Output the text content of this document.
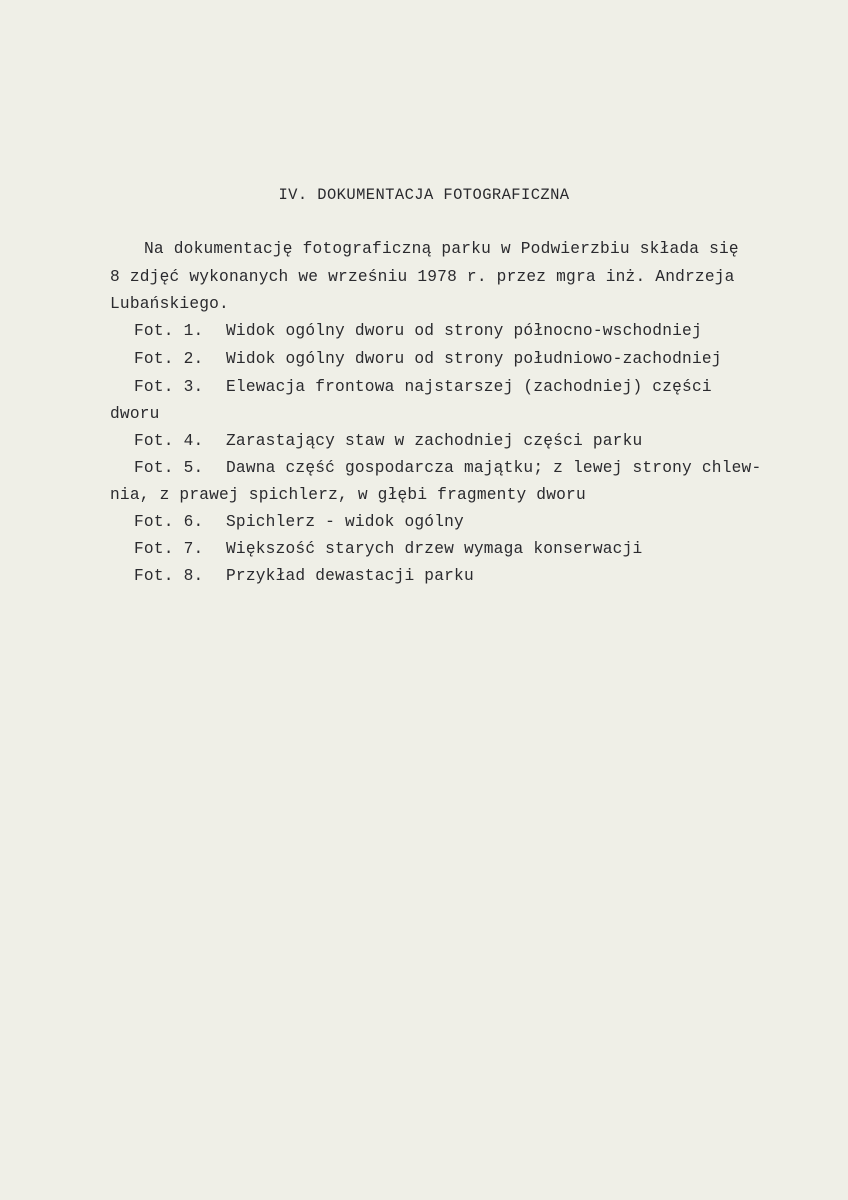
IV. DOKUMENTACJA FOTOGRAFICZNA
Na dokumentację fotograficzną parku w Podwierzbiu składa się
8 zdjęć wykonanych we wrześniu 1978 r. przez mgra inż. Andrzeja
Lubańskiego.
Fot. 1. Widok ogólny dworu od strony północno-wschodniej
Fot. 2. Widok ogólny dworu od strony południowo-zachodniej
Fot. 3. Elewacja frontowa najstarszej (zachodniej) części
dworu
Fot. 4. Zarastający staw w zachodniej części parku
Fot. 5. Dawna część gospodarcza majątku; z lewej strony chlew-
nia, z prawej spichlerz, w głębi fragmenty dworu
Fot. 6. Spichlerz - widok ogólny
Fot. 7. Większość starych drzew wymaga konserwacji
Fot. 8. Przykład dewastacji parku
